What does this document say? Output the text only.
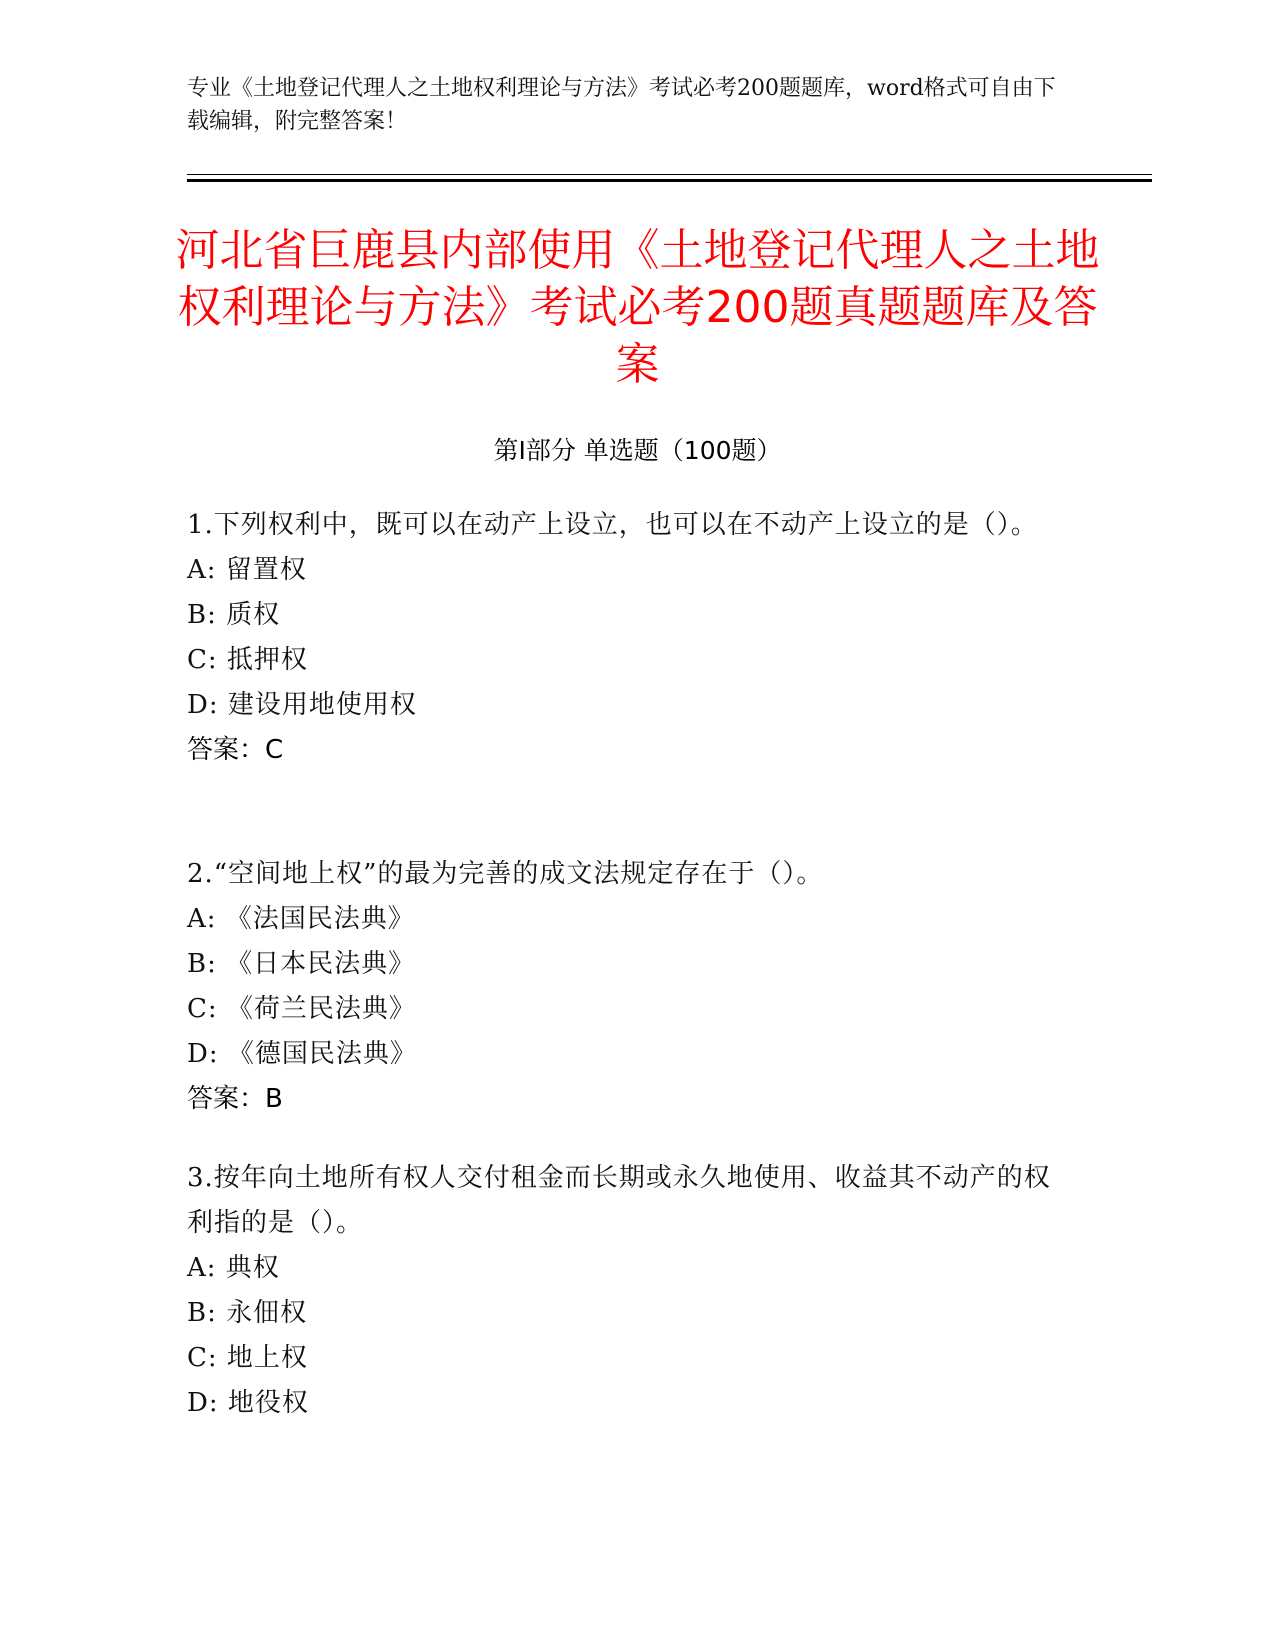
专业《土地登记代理人之土地权利理论与方法》考试必考200题题库，word格式可自由下载编辑，附完整答案！
河北省巨鹿县内部使用《土地登记代理人之土地权利理论与方法》考试必考200题真题题库及答案
第Ⅰ部分 单选题（100题）
1.下列权利中，既可以在动产上设立，也可以在不动产上设立的是（）。
A: 留置权
B: 质权
C: 抵押权
D: 建设用地使用权
答案：C
2.“空间地上权”的最为完善的成文法规定存在于（）。
A: 《法国民法典》
B: 《日本民法典》
C: 《荷兰民法典》
D: 《德国民法典》
答案：B
3.按年向土地所有权人交付租金而长期或永久地使用、收益其不动产的权利指的是（）。
A: 典权
B: 永佃权
C: 地上权
D: 地役权
